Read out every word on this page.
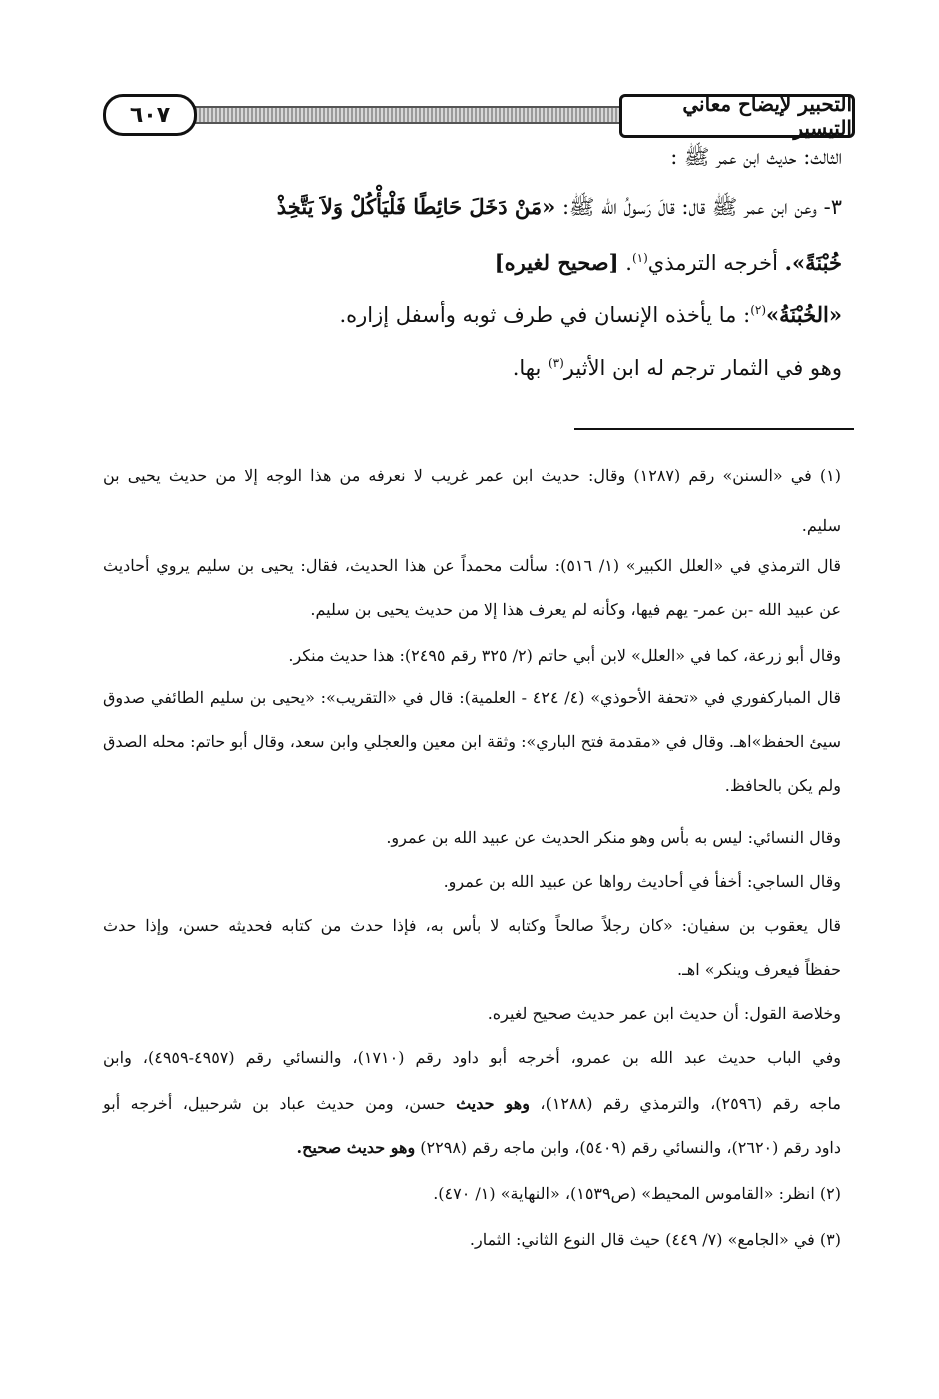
٦٠٧	التحبير لإيضاح معاني التيسير
الثالث: حديث ابن عمر ﷺ :
٣- وعن ابن عمر ﷺ قال: قالَ رَسولُ الله ﷺ: «مَنْ دَخَلَ حَائِطًا فَلْيَأْكُلْ وَلاَ يَتَّخِذْ
خُبْنَةً». أخرجه الترمذي$^{(١)}$. [صحيح لغيره]
«الخُبْنَةُ»$^{(٢)}$: ما يأخذه الإنسان في طرف ثوبه وأسفل إزاره.
وهو في الثمار ترجم له ابن الأثير$^{(٣)}$ بها.
(١) في «السنن» رقم (١٢٨٧) وقال: حديث ابن عمر غريب لا نعرفه من هذا الوجه إلا من حديث يحيى بن
سليم.
قال الترمذي في «العلل الكبير» (١/ ٥١٦): سألت محمداً عن هذا الحديث، فقال: يحيى بن سليم يروي أحاديث
عن عبيد الله -بن عمر- يهم فيها، وكأنه لم يعرف هذا إلا من حديث يحيى بن سليم.
وقال أبو زرعة، كما في «العلل» لابن أبي حاتم (٢/ ٣٢٥ رقم ٢٤٩٥): هذا حديث منكر.
قال المباركفوري في «تحفة الأحوذي» (٤/ ٤٢٤ - العلمية): قال في «التقريب»: «يحيى بن سليم الطائفي صدوق
سيئ الحفظ»اهـ. وقال في «مقدمة فتح الباري»: وثقة ابن معين والعجلي وابن سعد، وقال أبو حاتم: محله الصدق
ولم يكن بالحافظ.
وقال النسائي: ليس به بأس وهو منكر الحديث عن عبيد الله بن عمرو.
وقال الساجي: أخفأ في أحاديث رواها عن عبيد الله بن عمرو.
قال يعقوب بن سفيان: «كان رجلاً صالحاً وكتابه لا بأس به، فإذا حدث من كتابه فحديثه حسن، وإذا حدث
حفظاً فيعرف وينكر» اهـ.
وخلاصة القول: أن حديث ابن عمر حديث صحيح لغيره.
وفي الباب حديث عبد الله بن عمرو، أخرجه أبو داود رقم (١٧١٠)، والنسائي رقم (٤٩٥٧-٤٩٥٩)، وابن
ماجه رقم (٢٥٩٦)، والترمذي رقم (١٢٨٨)، وهو حديث حسن، ومن حديث عباد بن شرحبيل، أخرجه أبو
داود رقم (٢٦٢٠)، والنسائي رقم (٥٤٠٩)، وابن ماجه رقم (٢٢٩٨) وهو حديث صحيح.
(٢) انظر: «القاموس المحيط» (ص١٥٣٩)، «النهاية» (١/ ٤٧٠).
(٣) في «الجامع» (٧/ ٤٤٩) حيث قال النوع الثاني: الثمار.
